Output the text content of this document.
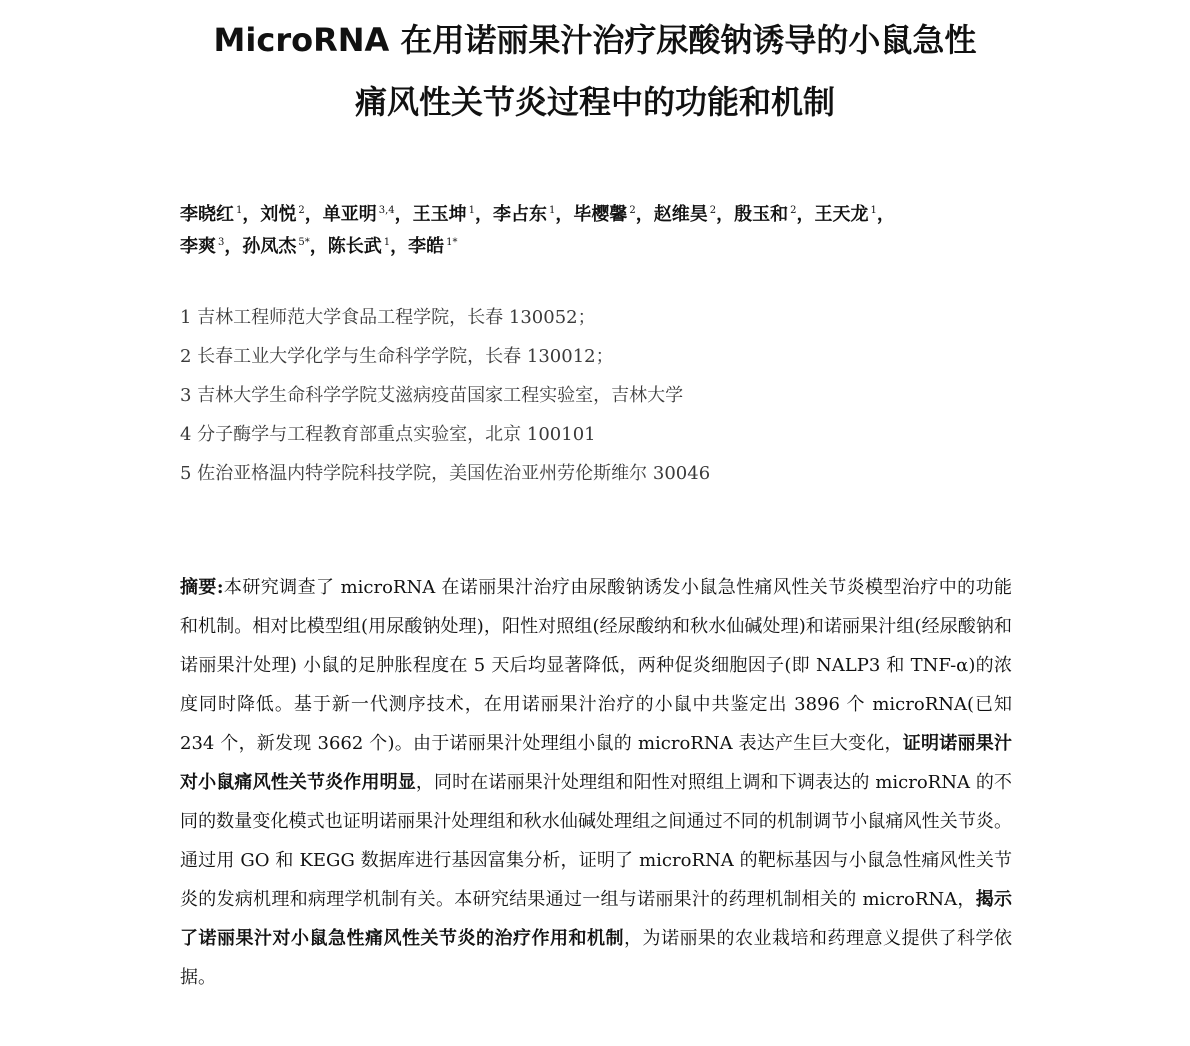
MicroRNA 在用诺丽果汁治疗尿酸钠诱导的小鼠急性
痛风性关节炎过程中的功能和机制
李晓红 $^1$，刘悦 $^2$，单亚明 $^{3,4}$，王玉坤 $^1$，李占东 $^1$，毕樱馨 $^2$，赵维昊 $^2$，殷玉和 $^2$，王天龙 $^1$，
李爽 $^3$，孙凤杰 $^{5*}$，陈长武 $^1$，李皓 $^{1*}$
1 吉林工程师范大学食品工程学院，长春 130052；
2 长春工业大学化学与生命科学学院，长春 130012；
3 吉林大学生命科学学院艾滋病疫苗国家工程实验室，吉林大学
4 分子酶学与工程教育部重点实验室，北京 100101
5 佐治亚格温内特学院科技学院，美国佐治亚州劳伦斯维尔 30046
摘要:本研究调查了 microRNA 在诺丽果汁治疗由尿酸钠诱发小鼠急性痛风性关节炎模型治疗中的功能和机制。相对比模型组(用尿酸钠处理)，阳性对照组(经尿酸纳和秋水仙碱处理)和诺丽果汁组(经尿酸钠和诺丽果汁处理) 小鼠的足肿胀程度在 5 天后均显著降低，两种促炎细胞因子(即 NALP3 和 TNF-α)的浓度同时降低。基于新一代测序技术，在用诺丽果汁治疗的小鼠中共鉴定出 3896 个 microRNA(已知 234 个，新发现 3662 个)。由于诺丽果汁处理组小鼠的 microRNA 表达产生巨大变化，证明诺丽果汁对小鼠痛风性关节炎作用明显，同时在诺丽果汁处理组和阳性对照组上调和下调表达的 microRNA 的不同的数量变化模式也证明诺丽果汁处理组和秋水仙碱处理组之间通过不同的机制调节小鼠痛风性关节炎。通过用 GO 和 KEGG 数据库进行基因富集分析，证明了 microRNA 的靶标基因与小鼠急性痛风性关节炎的发病机理和病理学机制有关。本研究结果通过一组与诺丽果汁的药理机制相关的 microRNA，揭示了诺丽果汁对小鼠急性痛风性关节炎的治疗作用和机制，为诺丽果的农业栽培和药理意义提供了科学依据。
